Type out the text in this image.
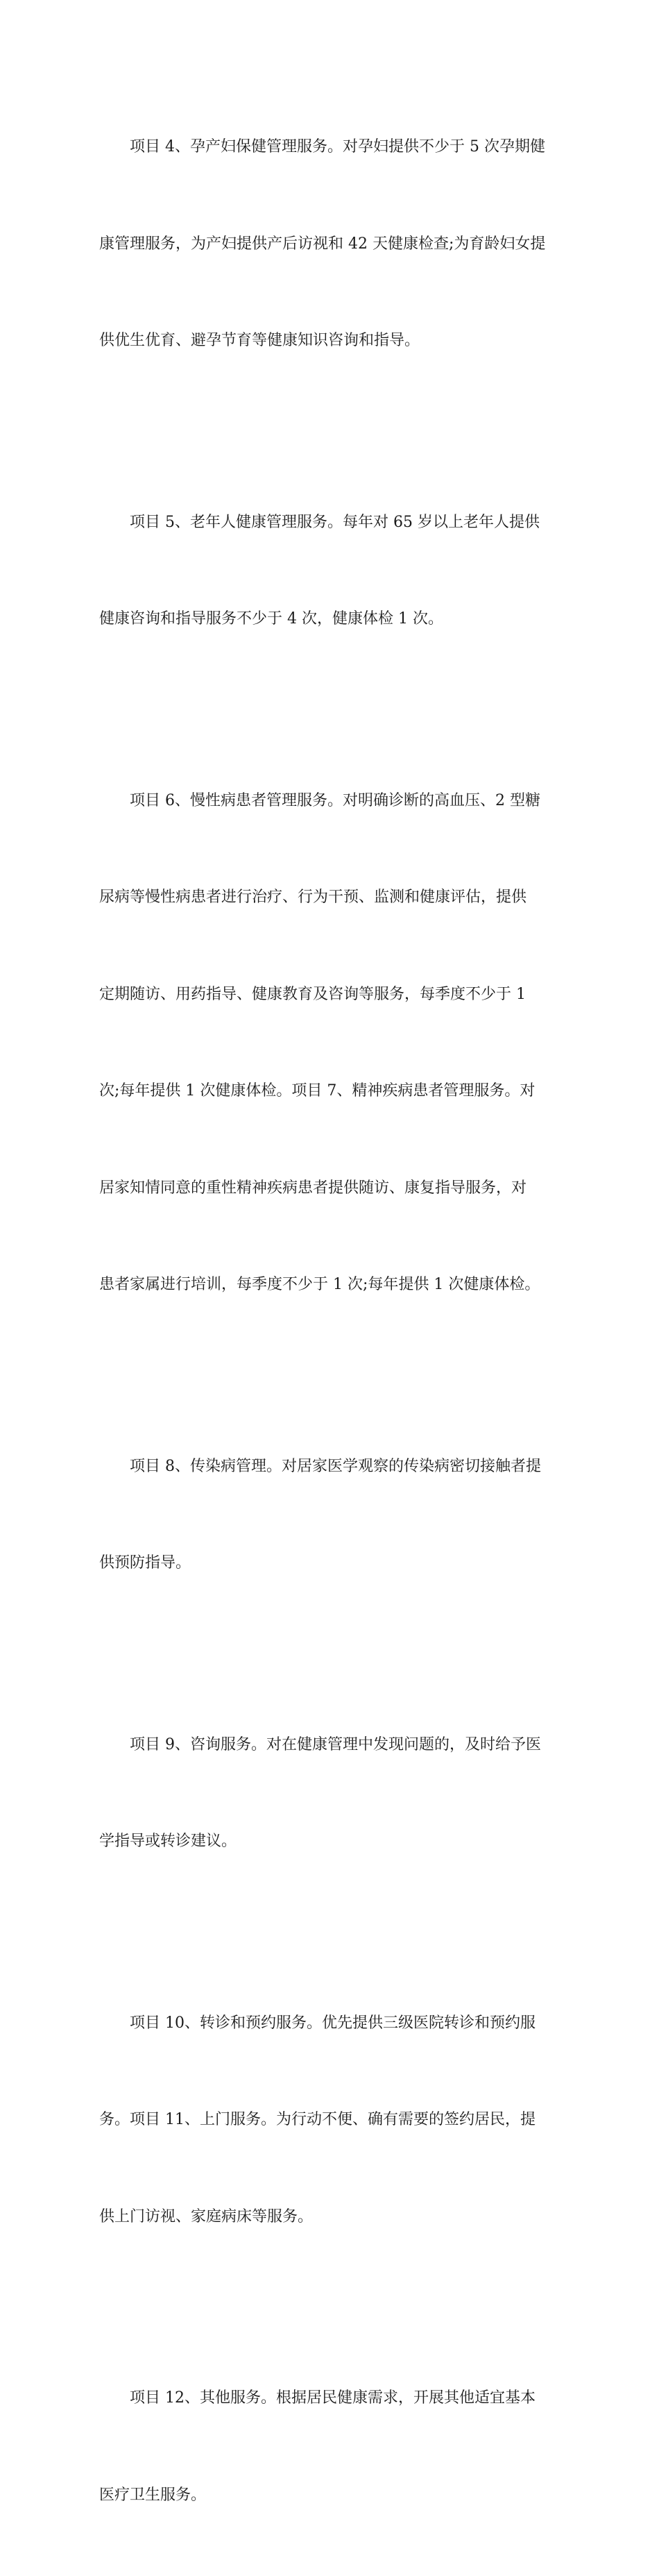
项目 4、孕产妇保健管理服务。对孕妇提供不少于 5 次孕期健

康管理服务，为产妇提供产后访视和 42 天健康检查;为育龄妇女提

供优生优育、避孕节育等健康知识咨询和指导。

项目 5、老年人健康管理服务。每年对 65 岁以上老年人提供

健康咨询和指导服务不少于 4 次，健康体检 1 次。

项目 6、慢性病患者管理服务。对明确诊断的高血压、2 型糖

尿病等慢性病患者进行治疗、行为干预、监测和健康评估，提供

定期随访、用药指导、健康教育及咨询等服务，每季度不少于 1

次;每年提供 1 次健康体检。项目 7、精神疾病患者管理服务。对

居家知情同意的重性精神疾病患者提供随访、康复指导服务，对

患者家属进行培训，每季度不少于 1 次;每年提供 1 次健康体检。

项目 8、传染病管理。对居家医学观察的传染病密切接触者提

供预防指导。

项目 9、咨询服务。对在健康管理中发现问题的，及时给予医

学指导或转诊建议。

项目 10、转诊和预约服务。优先提供三级医院转诊和预约服

务。项目 11、上门服务。为行动不便、确有需要的签约居民，提

供上门访视、家庭病床等服务。

项目 12、其他服务。根据居民健康需求，开展其他适宜基本

医疗卫生服务。
